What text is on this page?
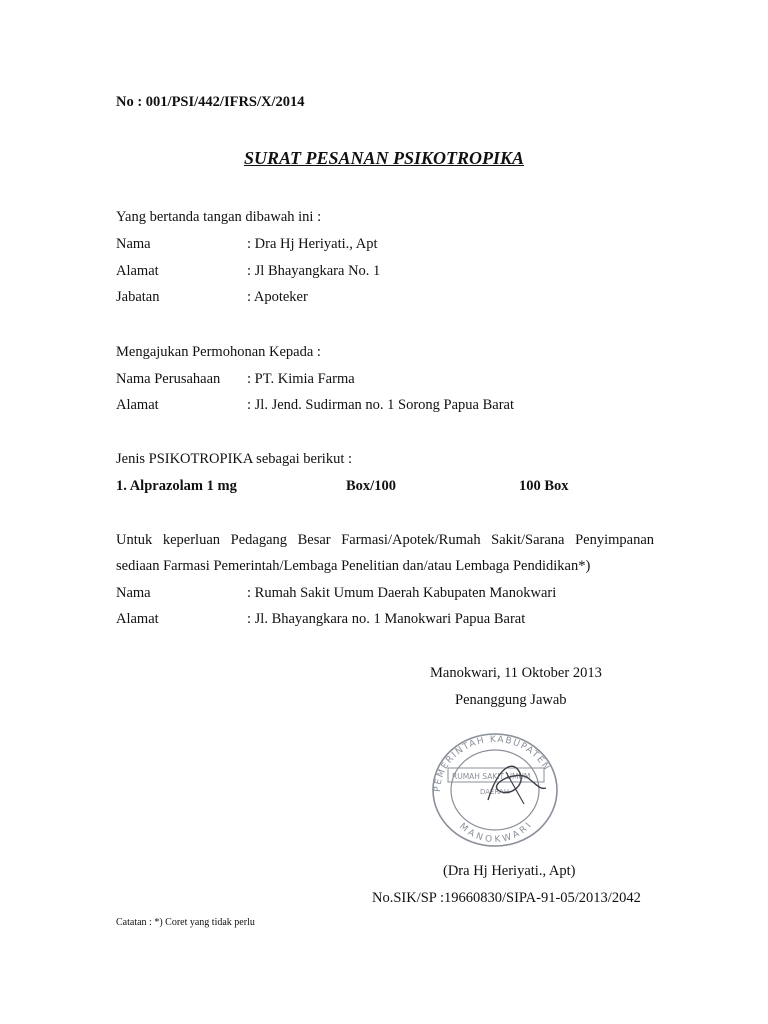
No : 001/PSI/442/IFRS/X/2014
SURAT PESANAN PSIKOTROPIKA
Yang bertanda tangan dibawah ini :
Nama	: Dra Hj Heriyati., Apt
Alamat	: Jl Bhayangkara No. 1
Jabatan	: Apoteker
Mengajukan Permohonan Kepada :
Nama Perusahaan : PT. Kimia Farma
Alamat	: Jl. Jend. Sudirman no. 1 Sorong Papua Barat
Jenis PSIKOTROPIKA sebagai berikut :
1. Alprazolam 1 mg	Box/100	100 Box
Untuk keperluan Pedagang Besar Farmasi/Apotek/Rumah Sakit/Sarana Penyimpanan
sediaan Farmasi Pemerintah/Lembaga Penelitian dan/atau Lembaga Pendidikan*)
Nama	: Rumah Sakit Umum Daerah Kabupaten Manokwari
Alamat	: Jl. Bhayangkara no. 1 Manokwari Papua Barat
Manokwari, 11 Oktober 2013
Penanggung Jawab
PEMERINTAH KABUPATEN
MANOKWARI
RUMAH SAKIT UMUM
DAERAH
(Dra Hj Heriyati., Apt)
No.SIK/SP :19660830/SIPA-91-05/2013/2042
Catatan : *) Coret yang tidak perlu
